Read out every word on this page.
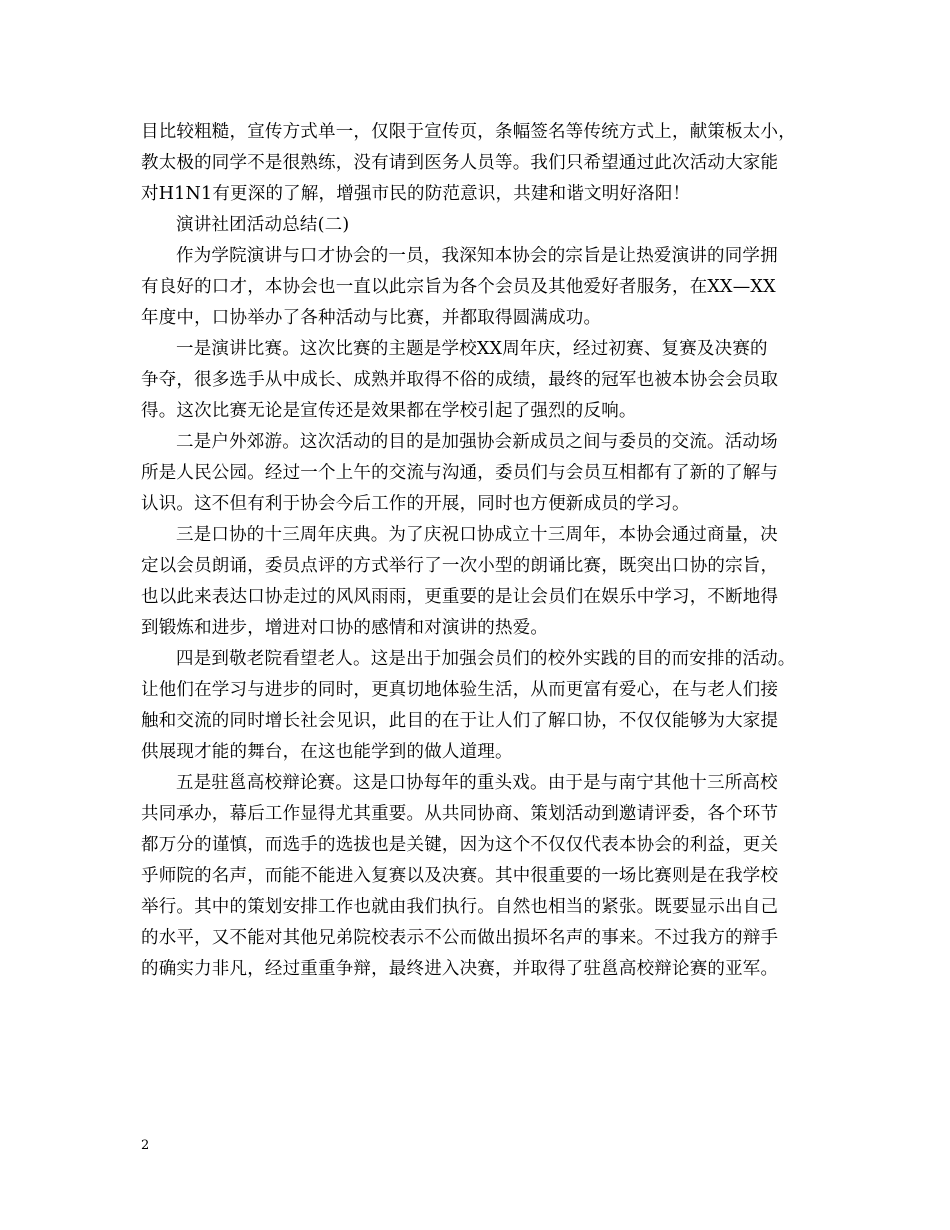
目比较粗糙，宣传方式单一，仅限于宣传页，条幅签名等传统方式上，献策板太小，
教太极的同学不是很熟练，没有请到医务人员等。我们只希望通过此次活动大家能
对H1N1有更深的了解，增强市民的防范意识，共建和谐文明好洛阳！
演讲社团活动总结(二)
作为学院演讲与口才协会的一员，我深知本协会的宗旨是让热爱演讲的同学拥
有良好的口才，本协会也一直以此宗旨为各个会员及其他爱好者服务，在XX—XX
年度中，口协举办了各种活动与比赛，并都取得圆满成功。
一是演讲比赛。这次比赛的主题是学校XX周年庆，经过初赛、复赛及决赛的
争夺，很多选手从中成长、成熟并取得不俗的成绩，最终的冠军也被本协会会员取
得。这次比赛无论是宣传还是效果都在学校引起了强烈的反响。
二是户外郊游。这次活动的目的是加强协会新成员之间与委员的交流。活动场
所是人民公园。经过一个上午的交流与沟通，委员们与会员互相都有了新的了解与
认识。这不但有利于协会今后工作的开展，同时也方便新成员的学习。
三是口协的十三周年庆典。为了庆祝口协成立十三周年，本协会通过商量，决
定以会员朗诵，委员点评的方式举行了一次小型的朗诵比赛，既突出口协的宗旨，
也以此来表达口协走过的风风雨雨，更重要的是让会员们在娱乐中学习，不断地得
到锻炼和进步，增进对口协的感情和对演讲的热爱。
四是到敬老院看望老人。这是出于加强会员们的校外实践的目的而安排的活动。
让他们在学习与进步的同时，更真切地体验生活，从而更富有爱心，在与老人们接
触和交流的同时增长社会见识，此目的在于让人们了解口协，不仅仅能够为大家提
供展现才能的舞台，在这也能学到的做人道理。
五是驻邕高校辩论赛。这是口协每年的重头戏。由于是与南宁其他十三所高校
共同承办，幕后工作显得尤其重要。从共同协商、策划活动到邀请评委，各个环节
都万分的谨慎，而选手的选拔也是关键，因为这个不仅仅代表本协会的利益，更关
乎师院的名声，而能不能进入复赛以及决赛。其中很重要的一场比赛则是在我学校
举行。其中的策划安排工作也就由我们执行。自然也相当的紧张。既要显示出自己
的水平，又不能对其他兄弟院校表示不公而做出损坏名声的事来。不过我方的辩手
的确实力非凡，经过重重争辩，最终进入决赛，并取得了驻邕高校辩论赛的亚军。
2
